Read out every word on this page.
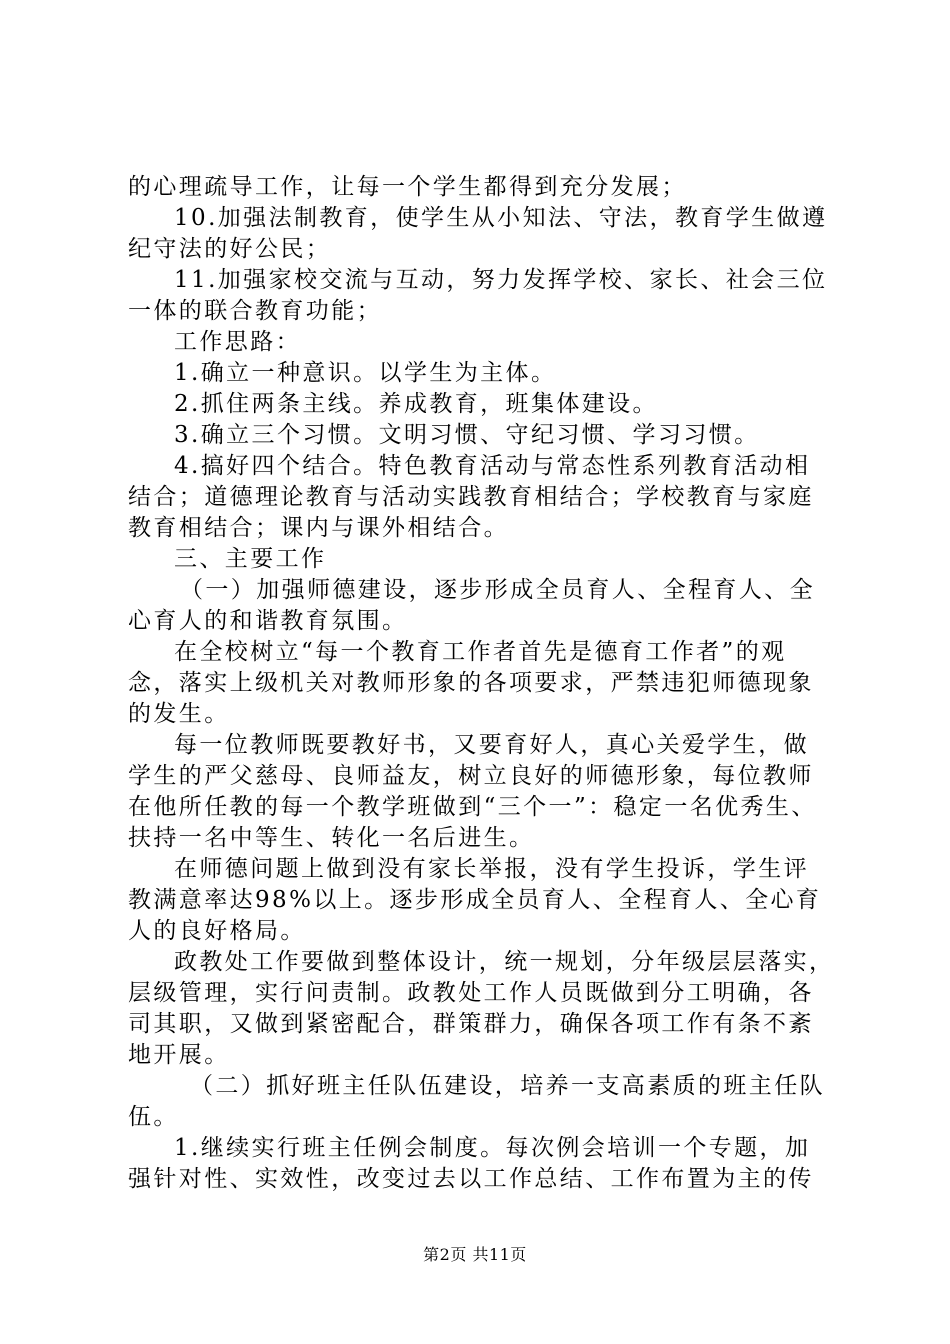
的心理疏导工作，让每一个学生都得到充分发展；
10.加强法制教育，使学生从小知法、守法，教育学生做遵
纪守法的好公民；
11.加强家校交流与互动，努力发挥学校、家长、社会三位
一体的联合教育功能；
工作思路：
1.确立一种意识。以学生为主体。
2.抓住两条主线。养成教育，班集体建设。
3.确立三个习惯。文明习惯、守纪习惯、学习习惯。
4.搞好四个结合。特色教育活动与常态性系列教育活动相
结合；道德理论教育与活动实践教育相结合；学校教育与家庭
教育相结合；课内与课外相结合。
三、主要工作
（一）加强师德建设，逐步形成全员育人、全程育人、全
心育人的和谐教育氛围。
在全校树立“每一个教育工作者首先是德育工作者”的观
念，落实上级机关对教师形象的各项要求，严禁违犯师德现象
的发生。
每一位教师既要教好书，又要育好人，真心关爱学生，做
学生的严父慈母、良师益友，树立良好的师德形象，每位教师
在他所任教的每一个教学班做到“三个一”：稳定一名优秀生、
扶持一名中等生、转化一名后进生。
在师德问题上做到没有家长举报，没有学生投诉，学生评
教满意率达98%以上。逐步形成全员育人、全程育人、全心育
人的良好格局。
政教处工作要做到整体设计，统一规划，分年级层层落实，
层级管理，实行问责制。政教处工作人员既做到分工明确，各
司其职，又做到紧密配合，群策群力，确保各项工作有条不紊
地开展。
（二）抓好班主任队伍建设，培养一支高素质的班主任队
伍。
1.继续实行班主任例会制度。每次例会培训一个专题，加
强针对性、实效性，改变过去以工作总结、工作布置为主的传
第2页 共11页
